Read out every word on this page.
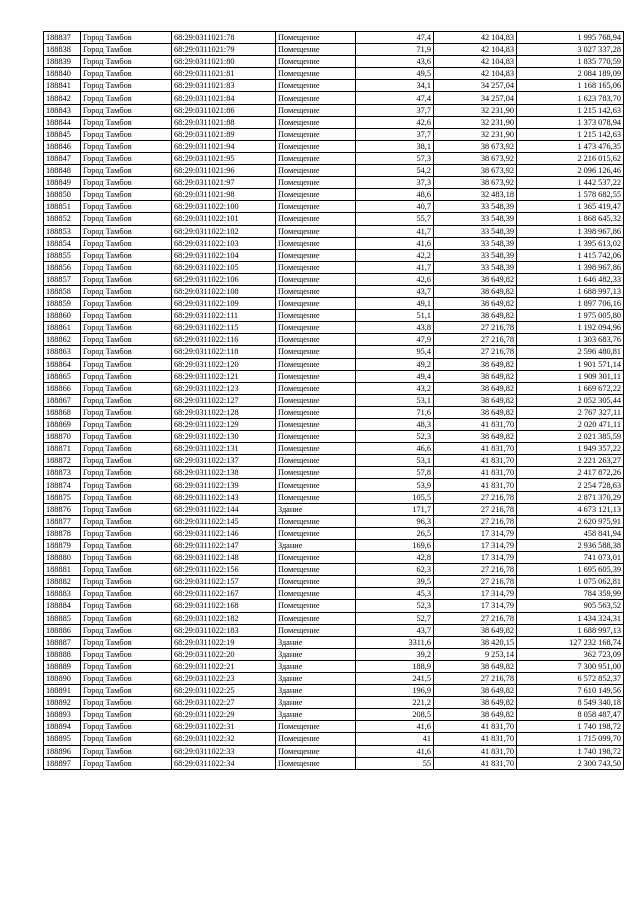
188837	Город Тамбов	68:29:0311021:78	Помещение	47,4	42 104,83	1 995 768,94
188838	Город Тамбов	68:29:0311021:79	Помещение	71,9	42 104,83	3 027 337,28
188839	Город Тамбов	68:29:0311021:80	Помещение	43,6	42 104,83	1 835 770,59
188840	Город Тамбов	68:29:0311021:81	Помещение	49,5	42 104,83	2 084 189,09
188841	Город Тамбов	68:29:0311021:83	Помещение	34,1	34 257,04	1 168 165,06
188842	Город Тамбов	68:29:0311021:84	Помещение	47,4	34 257,04	1 623 783,70
188843	Город Тамбов	68:29:0311021:86	Помещение	37,7	32 231,90	1 215 142,63
188844	Город Тамбов	68:29:0311021:88	Помещение	42,6	32 231,90	1 373 078,94
188845	Город Тамбов	68:29:0311021:89	Помещение	37,7	32 231,90	1 215 142,63
188846	Город Тамбов	68:29:0311021:94	Помещение	38,1	38 673,92	1 473 476,35
188847	Город Тамбов	68:29:0311021:95	Помещение	57,3	38 673,92	2 216 015,62
188848	Город Тамбов	68:29:0311021:96	Помещение	54,2	38 673,92	2 096 126,46
188849	Город Тамбов	68:29:0311021:97	Помещение	37,3	38 673,92	1 442 537,22
188850	Город Тамбов	68:29:0311021:98	Помещение	48,6	32 483,18	1 578 682,55
188851	Город Тамбов	68:29:0311022:100	Помещение	40,7	33 548,39	1 365 419,47
188852	Город Тамбов	68:29:0311022:101	Помещение	55,7	33 548,39	1 868 645,32
188853	Город Тамбов	68:29:0311022:102	Помещение	41,7	33 548,39	1 398 967,86
188854	Город Тамбов	68:29:0311022:103	Помещение	41,6	33 548,39	1 395 613,02
188855	Город Тамбов	68:29:0311022:104	Помещение	42,2	33 548,39	1 415 742,06
188856	Город Тамбов	68:29:0311022:105	Помещение	41,7	33 548,39	1 398 967,86
188857	Город Тамбов	68:29:0311022:106	Помещение	42,6	38 649,82	1 646 482,33
188858	Город Тамбов	68:29:0311022:108	Помещение	43,7	38 649,82	1 688 997,13
188859	Город Тамбов	68:29:0311022:109	Помещение	49,1	38 649,82	1 897 706,16
188860	Город Тамбов	68:29:0311022:111	Помещение	51,1	38 649,82	1 975 005,80
188861	Город Тамбов	68:29:0311022:115	Помещение	43,8	27 216,78	1 192 094,96
188862	Город Тамбов	68:29:0311022:116	Помещение	47,9	27 216,78	1 303 683,76
188863	Город Тамбов	68:29:0311022:118	Помещение	95,4	27 216,78	2 596 480,81
188864	Город Тамбов	68:29:0311022:120	Помещение	49,2	38 649,82	1 901 571,14
188865	Город Тамбов	68:29:0311022:121	Помещение	49,4	38 649,82	1 909 301,11
188866	Город Тамбов	68:29:0311022:123	Помещение	43,2	38 649,82	1 669 672,22
188867	Город Тамбов	68:29:0311022:127	Помещение	53,1	38 649,82	2 052 305,44
188868	Город Тамбов	68:29:0311022:128	Помещение	71,6	38 649,82	2 767 327,11
188869	Город Тамбов	68:29:0311022:129	Помещение	48,3	41 831,70	2 020 471,11
188870	Город Тамбов	68:29:0311022:130	Помещение	52,3	38 649,82	2 021 385,59
188871	Город Тамбов	68:29:0311022:131	Помещение	46,6	41 831,70	1 949 357,22
188872	Город Тамбов	68:29:0311022:137	Помещение	53,1	41 831,70	2 221 263,27
188873	Город Тамбов	68:29:0311022:138	Помещение	57,8	41 831,70	2 417 872,26
188874	Город Тамбов	68:29:0311022:139	Помещение	53,9	41 831,70	2 254 728,63
188875	Город Тамбов	68:29:0311022:143	Помещение	105,5	27 216,78	2 871 370,29
188876	Город Тамбов	68:29:0311022:144	Здание	171,7	27 216,78	4 673 121,13
188877	Город Тамбов	68:29:0311022:145	Помещение	96,3	27 216,78	2 620 975,91
188878	Город Тамбов	68:29:0311022:146	Помещение	26,5	17 314,79	458 841,94
188879	Город Тамбов	68:29:0311022:147	Здание	169,6	17 314,79	2 936 588,38
188880	Город Тамбов	68:29:0311022:148	Помещение	42,8	17 314,79	741 073,01
188881	Город Тамбов	68:29:0311022:156	Помещение	62,3	27 216,78	1 695 605,39
188882	Город Тамбов	68:29:0311022:157	Помещение	39,5	27 216,78	1 075 062,81
188883	Город Тамбов	68:29:0311022:167	Помещение	45,3	17 314,79	784 359,99
188884	Город Тамбов	68:29:0311022:168	Помещение	52,3	17 314,79	905 563,52
188885	Город Тамбов	68:29:0311022:182	Помещение	52,7	27 216,78	1 434 324,31
188886	Город Тамбов	68:29:0311022:183	Помещение	43,7	38 649,82	1 688 997,13
188887	Город Тамбов	68:29:0311022:19	Здание	3311,6	38 420,15	127 232 168,74
188888	Город Тамбов	68:29:0311022:20	Здание	39,2	9 253,14	362 723,09
188889	Город Тамбов	68:29:0311022:21	Здание	188,9	38 649,82	7 300 951,00
188890	Город Тамбов	68:29:0311022:23	Здание	241,5	27 216,78	6 572 852,37
188891	Город Тамбов	68:29:0311022:25	Здание	196,9	38 649,82	7 610 149,56
188892	Город Тамбов	68:29:0311022:27	Здание	221,2	38 649,82	8 549 340,18
188893	Город Тамбов	68:29:0311022:29	Здание	208,5	38 649,82	8 058 487,47
188894	Город Тамбов	68:29:0311022:31	Помещение	41,6	41 831,70	1 740 198,72
188895	Город Тамбов	68:29:0311022:32	Помещение	41	41 831,70	1 715 099,70
188896	Город Тамбов	68:29:0311022:33	Помещение	41,6	41 831,70	1 740 198,72
188897	Город Тамбов	68:29:0311022:34	Помещение	55	41 831,70	2 300 743,50
